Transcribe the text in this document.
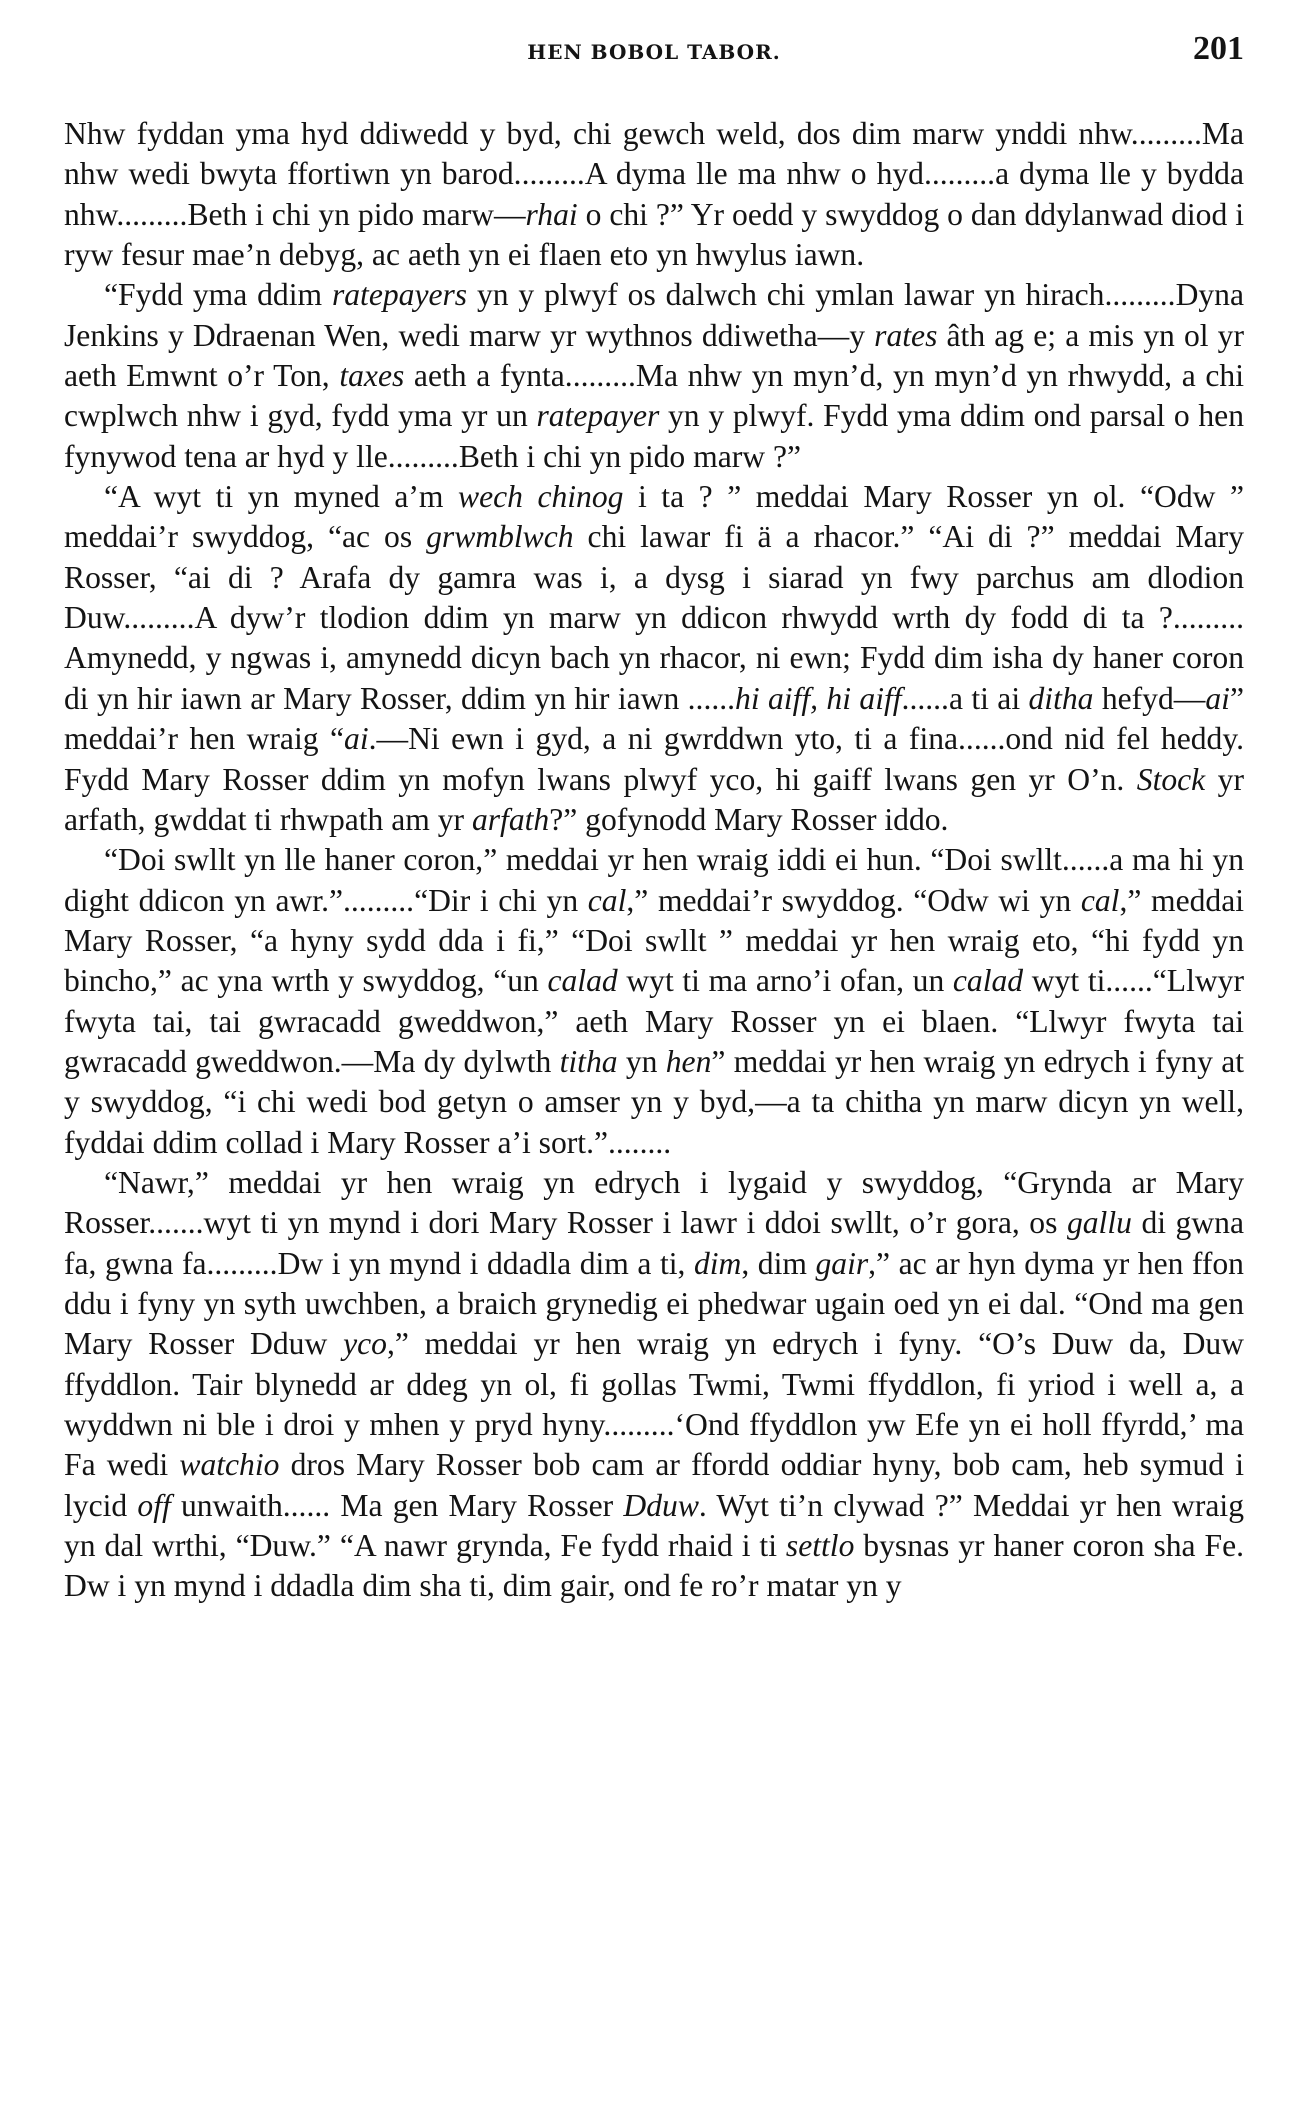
HEN BOBOL TABOR.	201

Nhw fyddan yma hyd ddiwedd y byd, chi gewch weld, dos dim marw ynddi nhw.........Ma nhw wedi bwyta ffortiwn yn barod.........A dyma lle ma nhw o hyd.........a dyma lle y bydda nhw.........Beth i chi yn pido marw—rhai o chi ?” Yr oedd y swyddog o dan ddylanwad diod i ryw fesur mae’n debyg, ac aeth yn ei flaen eto yn hwylus iawn.

“Fydd yma ddim ratepayers yn y plwyf os dalwch chi ymlan lawar yn hirach.........Dyna Jenkins y Ddraenan Wen, wedi marw yr wythnos ddiwetha—y rates âth ag e; a mis yn ol yr aeth Emwnt o’r Ton, taxes aeth a fynta.........Ma nhw yn myn’d, yn myn’d yn rhwydd, a chi cwplwch nhw i gyd, fydd yma yr un ratepayer yn y plwyf. Fydd yma ddim ond parsal o hen fynywod tena ar hyd y lle.........Beth i chi yn pido marw ?”

“A wyt ti yn myned a’m wech chinog i ta ? ” meddai Mary Rosser yn ol. “Odw ” meddai’r swyddog, “ac os grwmblwch chi lawar fi ä a rhacor.” “Ai di ?” meddai Mary Rosser, “ai di ? Arafa dy gamra was i, a dysg i siarad yn fwy parchus am dlodion Duw.........A dyw’r tlodion ddim yn marw yn ddicon rhwydd wrth dy fodd di ta ?......... Amynedd, y ngwas i, amynedd dicyn bach yn rhacor, ni ewn; Fydd dim isha dy haner coron di yn hir iawn ar Mary Rosser, ddim yn hir iawn ......hi aiff, hi aiff......a ti ai ditha hefyd—ai” meddai’r hen wraig “ai.—Ni ewn i gyd, a ni gwrddwn yto, ti a fina......ond nid fel heddy. Fydd Mary Rosser ddim yn mofyn lwans plwyf yco, hi gaiff lwans gen yr O’n. Stock yr arfath, gwddat ti rhwpath am yr arfath?” gofynodd Mary Rosser iddo.

“Doi swllt yn lle haner coron,” meddai yr hen wraig iddi ei hun. “Doi swllt......a ma hi yn dight ddicon yn awr.”.........“Dir i chi yn cal,” meddai’r swyddog. “Odw wi yn cal,” meddai Mary Rosser, “a hyny sydd dda i fi,” “Doi swllt ” meddai yr hen wraig eto, “hi fydd yn bincho,” ac yna wrth y swyddog, “un calad wyt ti ma arno’i ofan, un calad wyt ti......“Llwyr fwyta tai, tai gwracadd gweddwon,” aeth Mary Rosser yn ei blaen. “Llwyr fwyta tai gwracadd gweddwon.—Ma dy dylwth titha yn hen” meddai yr hen wraig yn edrych i fyny at y swyddog, “i chi wedi bod getyn o amser yn y byd,—a ta chitha yn marw dicyn yn well, fyddai ddim collad i Mary Rosser a’i sort.”........

“Nawr,” meddai yr hen wraig yn edrych i lygaid y swyddog, “Grynda ar Mary Rosser.......wyt ti yn mynd i dori Mary Rosser i lawr i ddoi swllt, o’r gora, os gallu di gwna fa, gwna fa.........Dw i yn mynd i ddadla dim a ti, dim, dim gair,” ac ar hyn dyma yr hen ffon ddu i fyny yn syth uwchben, a braich grynedig ei phedwar ugain oed yn ei dal. “Ond ma gen Mary Rosser Dduw yco,” meddai yr hen wraig yn edrych i fyny. “O’s Duw da, Duw ffyddlon. Tair blynedd ar ddeg yn ol, fi gollas Twmi, Twmi ffyddlon, fi yriod i well a, a wyddwn ni ble i droi y mhen y pryd hyny.........‘Ond ffyddlon yw Efe yn ei holl ffyrdd,’ ma Fa wedi watchio dros Mary Rosser bob cam ar ffordd oddiar hyny, bob cam, heb symud i lycid off unwaith...... Ma gen Mary Rosser Dduw. Wyt ti’n clywad ?” Meddai yr hen wraig yn dal wrthi, “Duw.” “A nawr grynda, Fe fydd rhaid i ti settlo bysnas yr haner coron sha Fe. Dw i yn mynd i ddadla dim sha ti, dim gair, ond fe ro’r matar yn y
